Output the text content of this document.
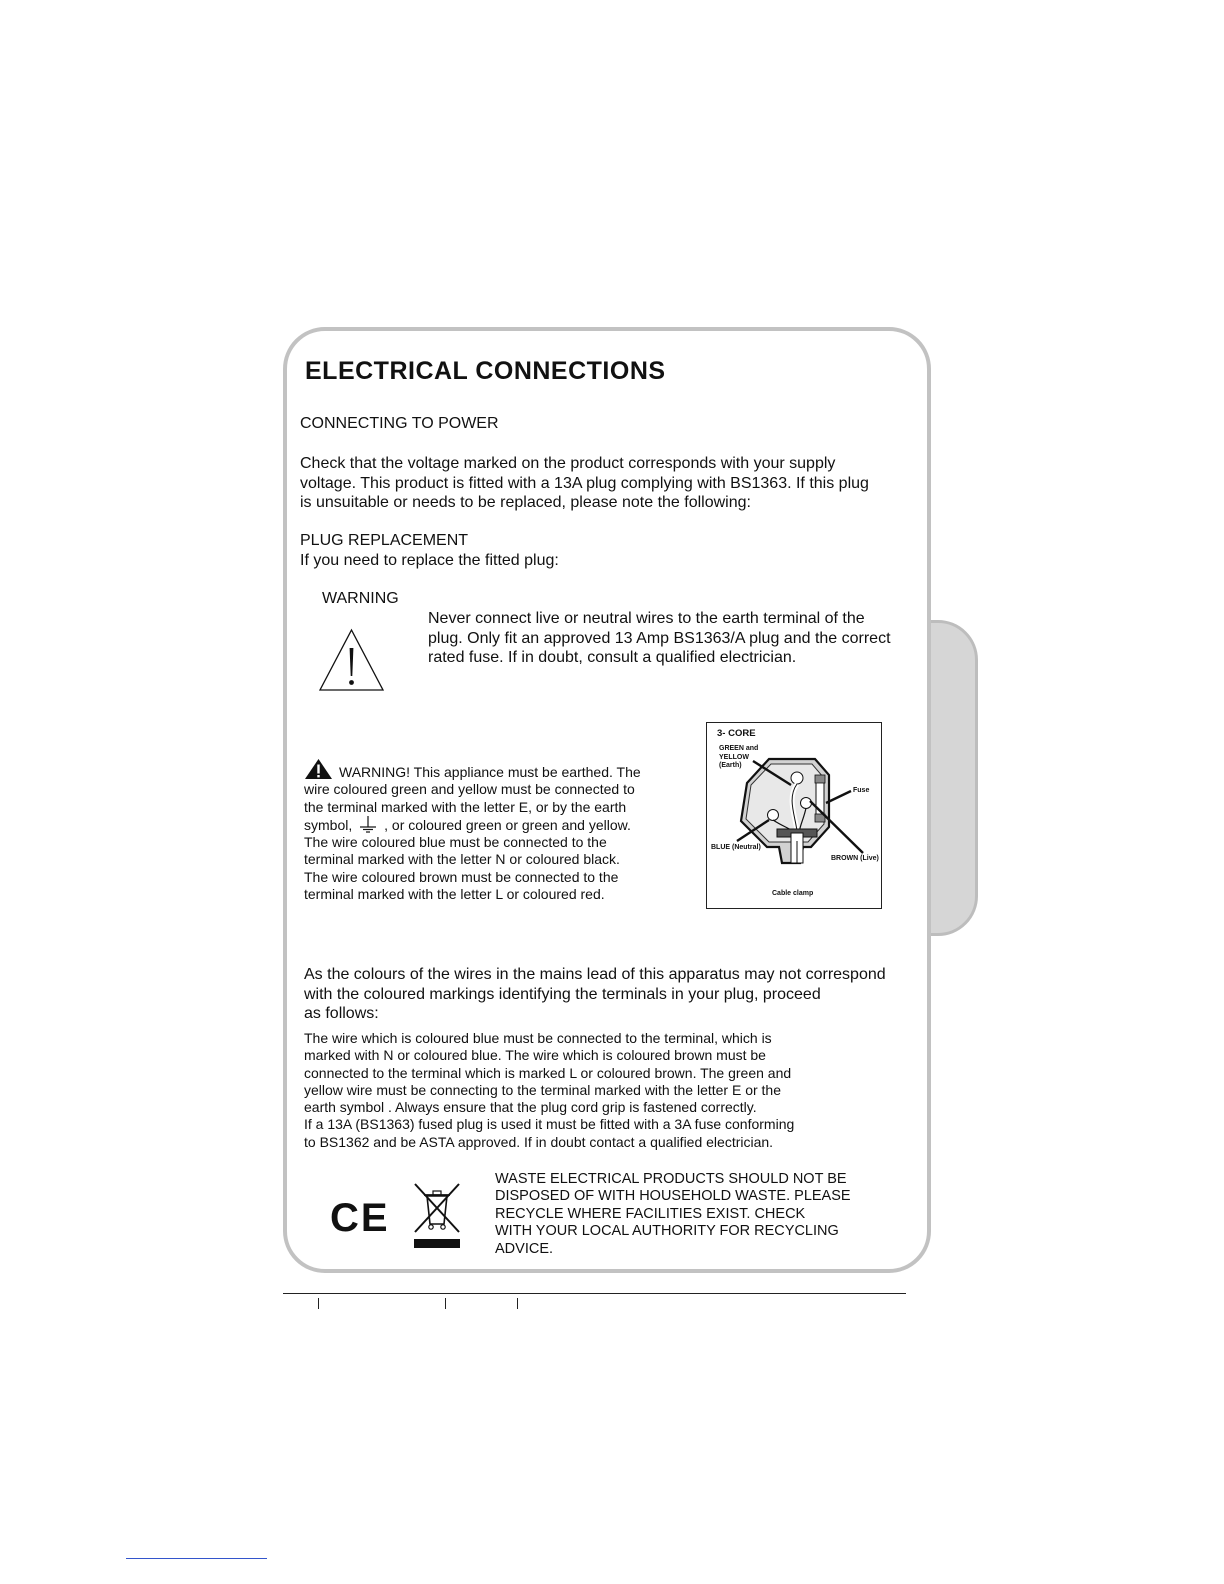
ELECTRICAL CONNECTIONS
CONNECTING TO POWER
Check that the voltage marked on the product corresponds with your supply
voltage. This product is fitted with a 13A plug complying with BS1363. If this plug
is unsuitable or needs to be replaced, please note the following:
PLUG REPLACEMENT
If you need to replace the fitted plug:
WARNING
Never connect live or neutral wires to the earth terminal of the
plug. Only fit an approved 13 Amp BS1363/A plug and the correct
rated fuse. If in doubt, consult a qualified electrician.
WARNING! This appliance must be earthed. The
wire coloured green and yellow must be connected to
the terminal marked with the letter E, or by the earth
symbol, , or coloured green or green and yellow.
The wire coloured blue must be connected to the
terminal marked with the letter N or coloured black.
The wire coloured brown must be connected to the
terminal marked with the letter L or coloured red.
3- CORE
GREEN and
YELLOW
(Earth)
Fuse
BLUE (Neutral)
BROWN (Live)
Cable clamp
As the colours of the wires in the mains lead of this apparatus may not correspond
with the coloured markings identifying the terminals in your plug, proceed
as follows:
The wire which is coloured blue must be connected to the terminal, which is
marked with N or coloured blue. The wire which is coloured brown must be
connected to the terminal which is marked L or coloured brown. The green and
yellow wire must be connecting to the terminal marked with the letter E or the
earth symbol . Always ensure that the plug cord grip is fastened correctly.
If a 13A (BS1363) fused plug is used it must be fitted with a 3A fuse conforming
to BS1362 and be ASTA approved. If in doubt contact a qualified electrician.
CE
WASTE ELECTRICAL PRODUCTS SHOULD NOT BE
DISPOSED OF WITH HOUSEHOLD WASTE. PLEASE
RECYCLE WHERE FACILITIES EXIST. CHECK
WITH YOUR LOCAL AUTHORITY FOR RECYCLING
ADVICE.
